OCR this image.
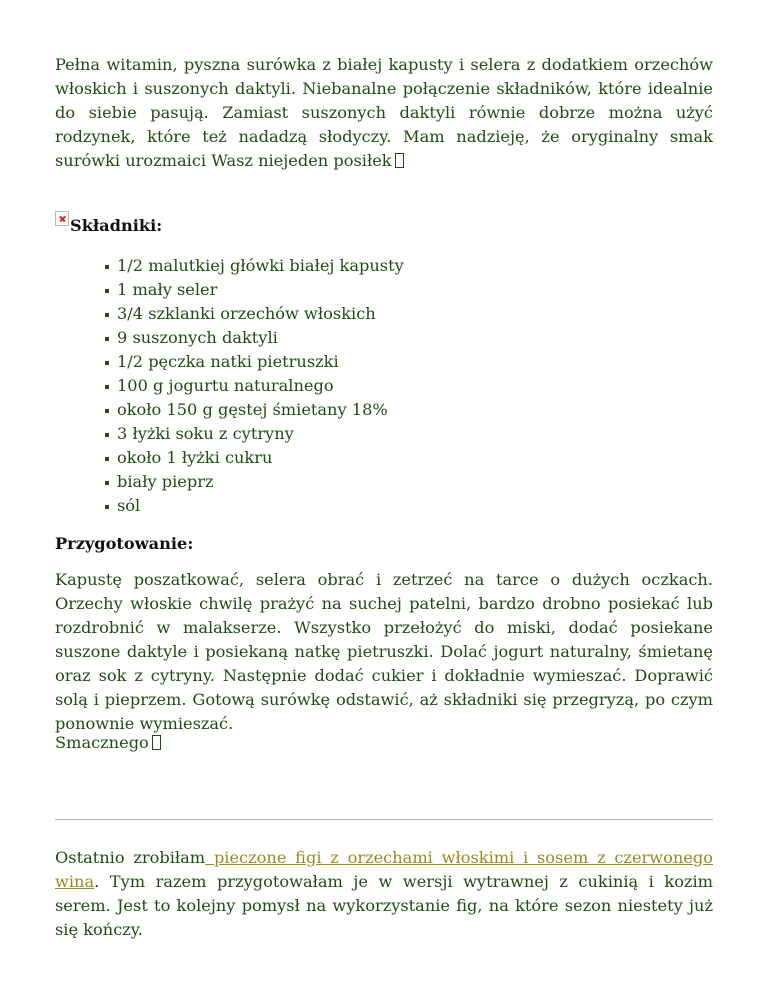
Pełna witamin, pyszna surówka z białej kapusty i selera z dodatkiem orzechów włoskich i suszonych daktyli. Niebanalne połączenie składników, które idealnie do siebie pasują. Zamiast suszonych daktyli równie dobrze można użyć rodzynek, które też nadadzą słodyczy. Mam nadzieję, że oryginalny smak surówki urozmaici Wasz niejeden posiłek

Składniki:
1/2 malutkiej główki białej kapusty
1 mały seler
3/4 szklanki orzechów włoskich
9 suszonych daktyli
1/2 pęczka natki pietruszki
100 g jogurtu naturalnego
około 150 g gęstej śmietany 18%
3 łyżki soku z cytryny
około 1 łyżki cukru
biały pieprz
sól
Przygotowanie:

Kapustę poszatkować, selera obrać i zetrzeć na tarce o dużych oczkach. Orzechy włoskie chwilę prażyć na suchej patelni, bardzo drobno posiekać lub rozdrobnić w malakserze. Wszystko przełożyć do miski, dodać posiekane suszone daktyle i posiekaną natkę pietruszki. Dolać jogurt naturalny, śmietanę oraz sok z cytryny. Następnie dodać cukier i dokładnie wymieszać. Doprawić solą i pieprzem. Gotową surówkę odstawić, aż składniki się przegryzą, po czym ponownie wymieszać.

Smacznego

Ostatnio zrobiłam pieczone figi z orzechami włoskimi i sosem z czerwonego wina. Tym razem przygotowałam je w wersji wytrawnej z cukinią i kozim serem. Jest to kolejny pomysł na wykorzystanie fig, na które sezon niestety już się kończy.
